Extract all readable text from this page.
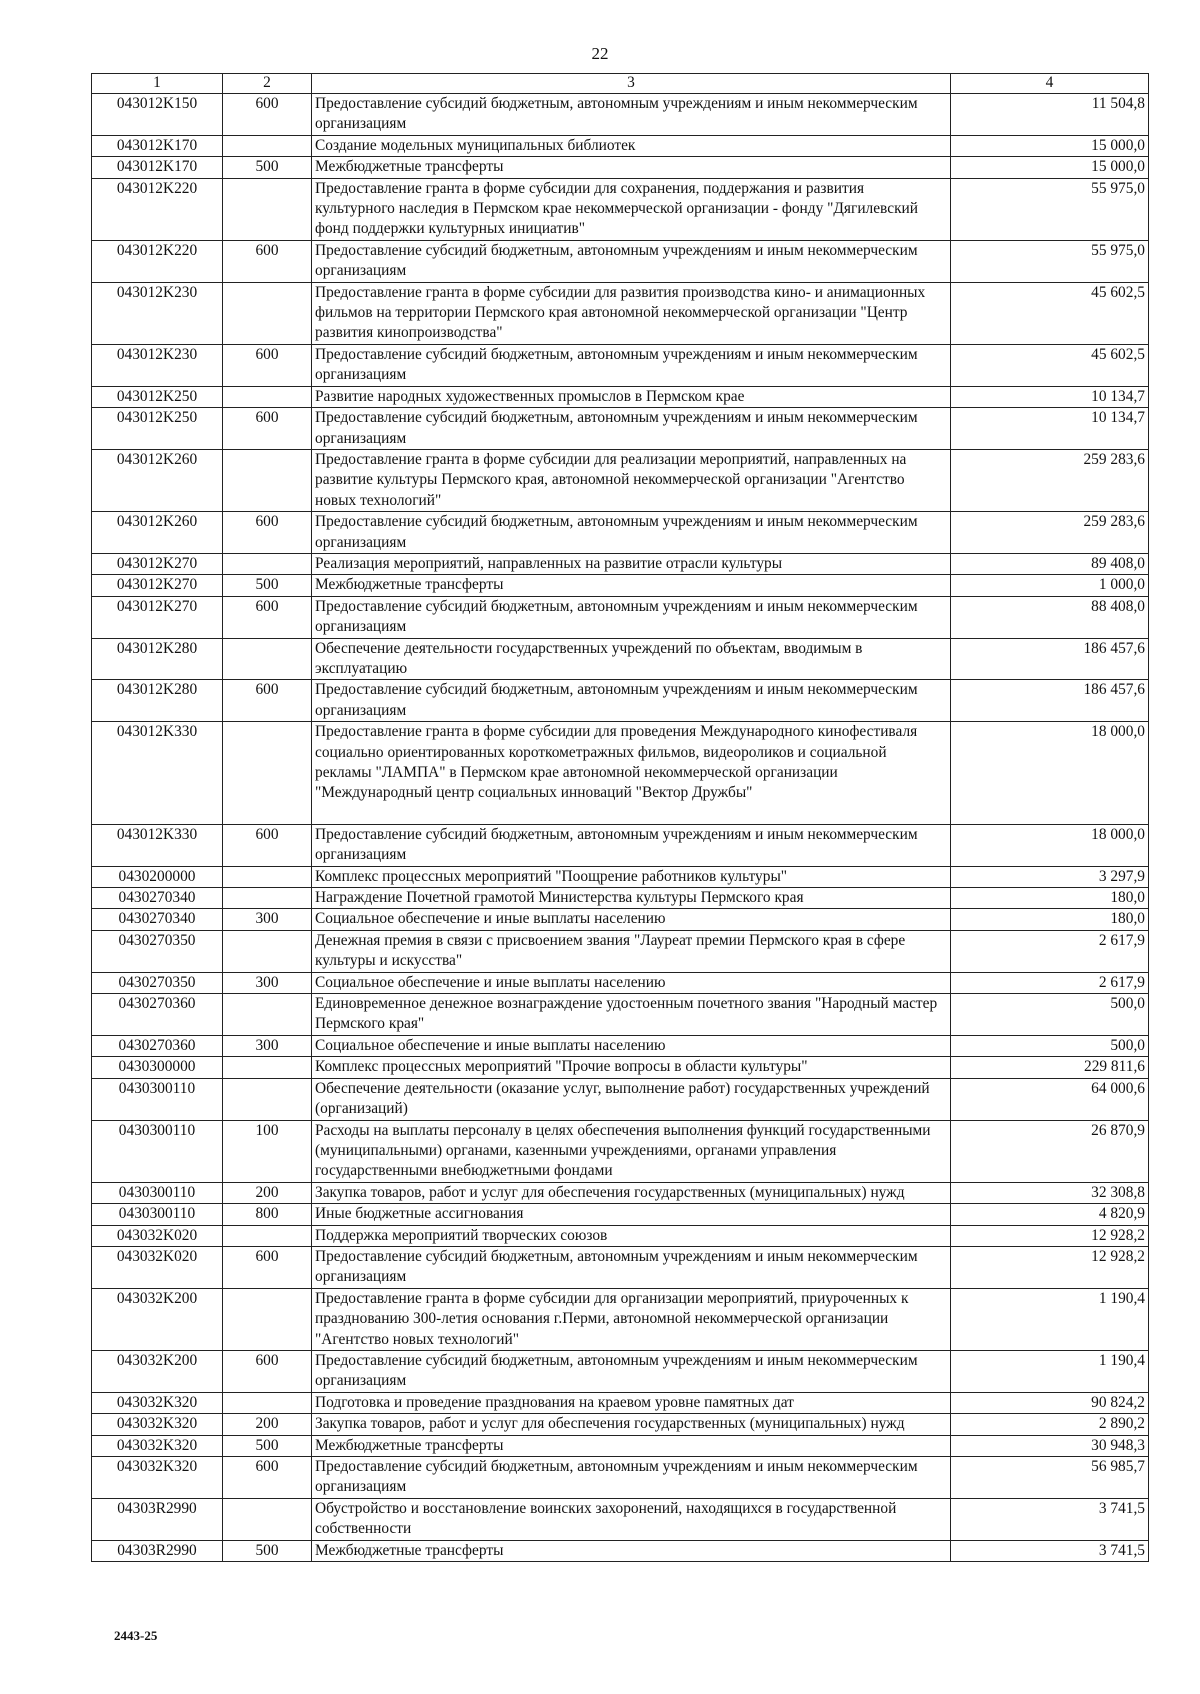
22
1	2	3	4
043012K150	600	Предоставление субсидий бюджетным, автономным учреждениям и иным некоммерческим организациям	11 504,8
043012K170		Создание модельных муниципальных библиотек	15 000,0
043012K170	500	Межбюджетные трансферты	15 000,0
043012K220		Предоставление гранта в форме субсидии для сохранения, поддержания и развития культурного наследия в Пермском крае некоммерческой организации - фонду "Дягилевский фонд поддержки культурных инициатив"	55 975,0
043012K220	600	Предоставление субсидий бюджетным, автономным учреждениям и иным некоммерческим организациям	55 975,0
043012K230		Предоставление гранта в форме субсидии для развития производства кино- и анимационных фильмов на территории Пермского края автономной некоммерческой организации "Центр развития кинопроизводства"	45 602,5
043012K230	600	Предоставление субсидий бюджетным, автономным учреждениям и иным некоммерческим организациям	45 602,5
043012K250		Развитие народных художественных промыслов в Пермском крае	10 134,7
043012K250	600	Предоставление субсидий бюджетным, автономным учреждениям и иным некоммерческим организациям	10 134,7
043012K260		Предоставление гранта в форме субсидии для реализации мероприятий, направленных на развитие культуры Пермского края, автономной некоммерческой организации "Агентство новых технологий"	259 283,6
043012K260	600	Предоставление субсидий бюджетным, автономным учреждениям и иным некоммерческим организациям	259 283,6
043012K270		Реализация мероприятий, направленных на развитие отрасли культуры	89 408,0
043012K270	500	Межбюджетные трансферты	1 000,0
043012K270	600	Предоставление субсидий бюджетным, автономным учреждениям и иным некоммерческим организациям	88 408,0
043012K280		Обеспечение деятельности государственных учреждений по объектам, вводимым в эксплуатацию	186 457,6
043012K280	600	Предоставление субсидий бюджетным, автономным учреждениям и иным некоммерческим организациям	186 457,6
043012K330		Предоставление гранта в форме субсидии для проведения Международного кинофестиваля социально ориентированных короткометражных фильмов, видеороликов и социальной рекламы "ЛАМПА" в Пермском крае автономной некоммерческой организации "Международный центр социальных инноваций "Вектор Дружбы"	18 000,0
043012K330	600	Предоставление субсидий бюджетным, автономным учреждениям и иным некоммерческим организациям	18 000,0
0430200000		Комплекс процессных мероприятий "Поощрение работников культуры"	3 297,9
0430270340		Награждение Почетной грамотой Министерства культуры Пермского края	180,0
0430270340	300	Социальное обеспечение и иные выплаты населению	180,0
0430270350		Денежная премия в связи с присвоением звания "Лауреат премии Пермского края в сфере культуры и искусства"	2 617,9
0430270350	300	Социальное обеспечение и иные выплаты населению	2 617,9
0430270360		Единовременное денежное вознаграждение удостоенным почетного звания "Народный мастер Пермского края"	500,0
0430270360	300	Социальное обеспечение и иные выплаты населению	500,0
0430300000		Комплекс процессных мероприятий "Прочие вопросы в области культуры"	229 811,6
0430300110		Обеспечение деятельности (оказание услуг, выполнение работ) государственных учреждений (организаций)	64 000,6
0430300110	100	Расходы на выплаты персоналу в целях обеспечения выполнения функций государственными (муниципальными) органами, казенными учреждениями, органами управления государственными внебюджетными фондами	26 870,9
0430300110	200	Закупка товаров, работ и услуг для обеспечения государственных (муниципальных) нужд	32 308,8
0430300110	800	Иные бюджетные ассигнования	4 820,9
043032K020		Поддержка мероприятий творческих союзов	12 928,2
043032K020	600	Предоставление субсидий бюджетным, автономным учреждениям и иным некоммерческим организациям	12 928,2
043032K200		Предоставление гранта в форме субсидии для организации мероприятий, приуроченных к празднованию 300-летия основания г.Перми, автономной некоммерческой организации "Агентство новых технологий"	1 190,4
043032K200	600	Предоставление субсидий бюджетным, автономным учреждениям и иным некоммерческим организациям	1 190,4
043032K320		Подготовка и проведение празднования на краевом уровне памятных дат	90 824,2
043032K320	200	Закупка товаров, работ и услуг для обеспечения государственных (муниципальных) нужд	2 890,2
043032K320	500	Межбюджетные трансферты	30 948,3
043032K320	600	Предоставление субсидий бюджетным, автономным учреждениям и иным некоммерческим организациям	56 985,7
04303R2990		Обустройство и восстановление воинских захоронений, находящихся в государственной собственности	3 741,5
04303R2990	500	Межбюджетные трансферты	3 741,5
2443-25
